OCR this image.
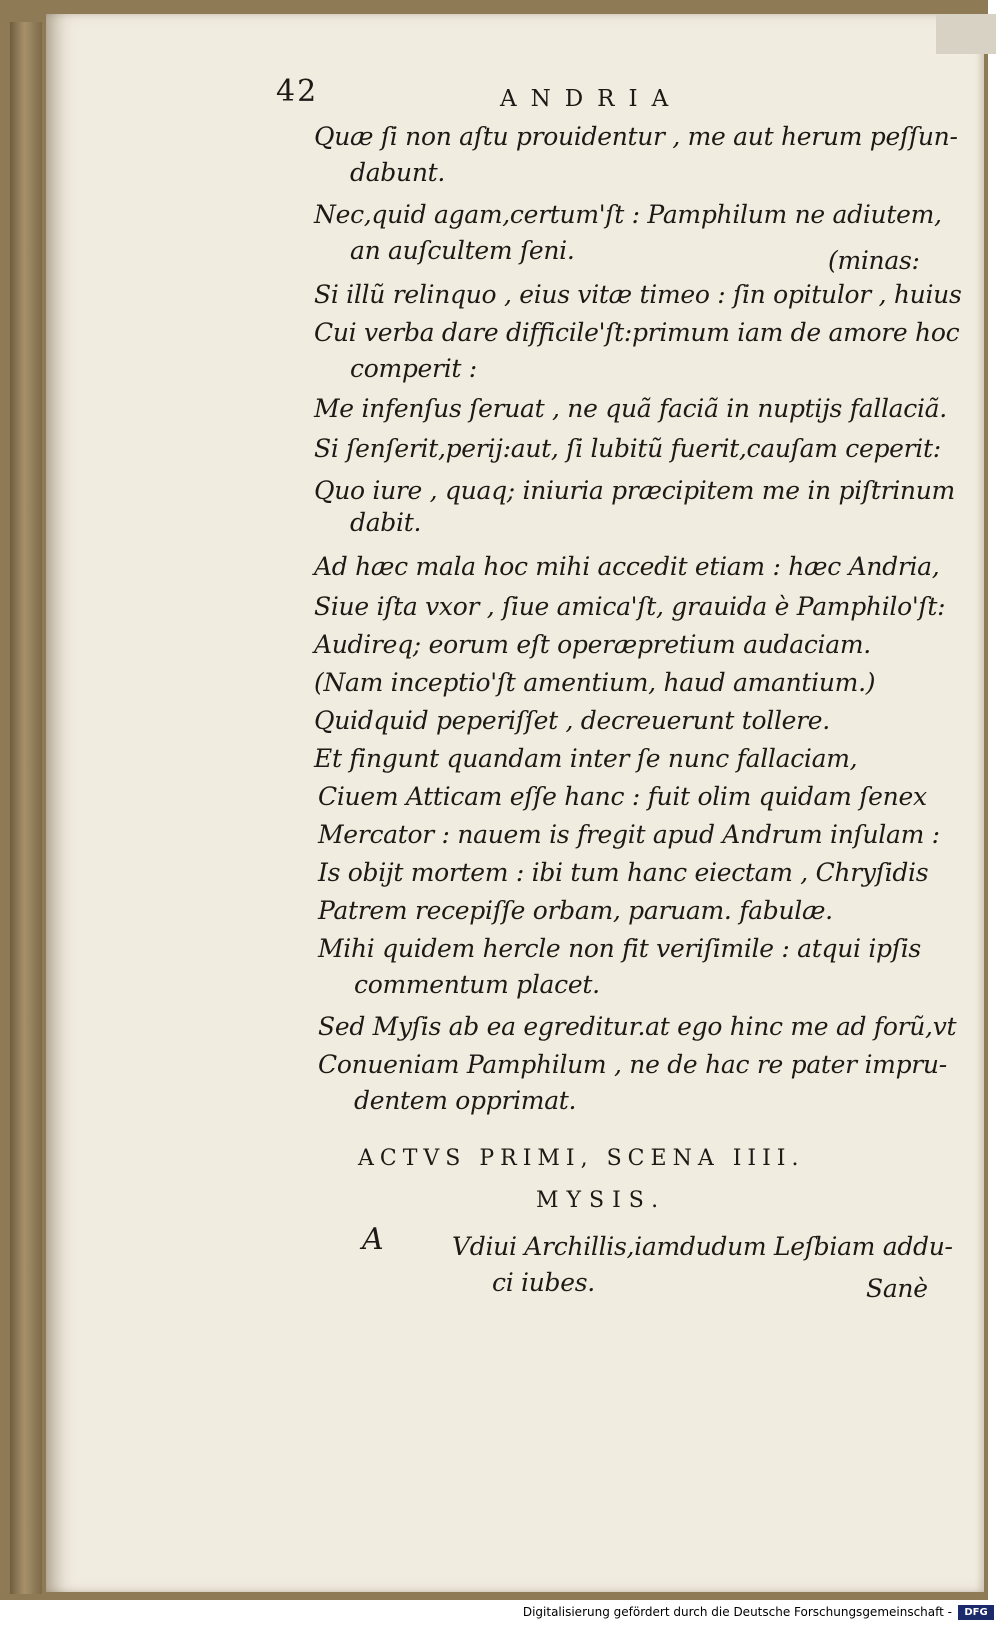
42	ANDRIA
Quæ ſi non aſtu prouidentur , me aut herum peſſun-
dabunt.
Nec,quid agam,certum'ſt : Pamphilum ne adiutem,
an auſcultem ſeni.	(minas:
Si illũ relinquo , eius vitæ timeo : ſin opitulor , huius
Cui verba dare difficile'ſt:primum iam de amore hoc
comperit :
Me infenſus ſeruat , ne quã faciã in nuptijs fallaciã.
Si ſenſerit,perij:aut, ſi lubitũ fuerit,cauſam ceperit:
Quo iure , quaq; iniuria præcipitem me in piſtrinum
dabit.
Ad hæc mala hoc mihi accedit etiam : hæc Andria,
Siue iſta vxor , ſiue amica'ſt, grauida è Pamphilo'ſt:
Audireq; eorum eſt operæpretium audaciam.
(Nam inceptio'ſt amentium, haud amantium.)
Quidquid peperiſſet , decreuerunt tollere.
Et fingunt quandam inter ſe nunc fallaciam,
Ciuem Atticam eſſe hanc : fuit olim quidam ſenex
Mercator : nauem is fregit apud Andrum inſulam :
Is obijt mortem : ibi tum hanc eiectam , Chryſidis
Patrem recepiſſe orbam, paruam. fabulæ.
Mihi quidem hercle non fit veriſimile : atqui ipſis
commentum placet.
Sed Myſis ab ea egreditur.at ego hinc me ad forũ,vt
Conueniam Pamphilum , ne de hac re pater impru-
dentem opprimat.
ACTVS PRIMI, SCENA IIII.
MYSIS.
A	Vdiui Archillis,iamdudum Leſbiam addu-
ci iubes.	Sanè
Digitalisierung gefördert durch die Deutsche Forschungsgemeinschaft -	DFG
